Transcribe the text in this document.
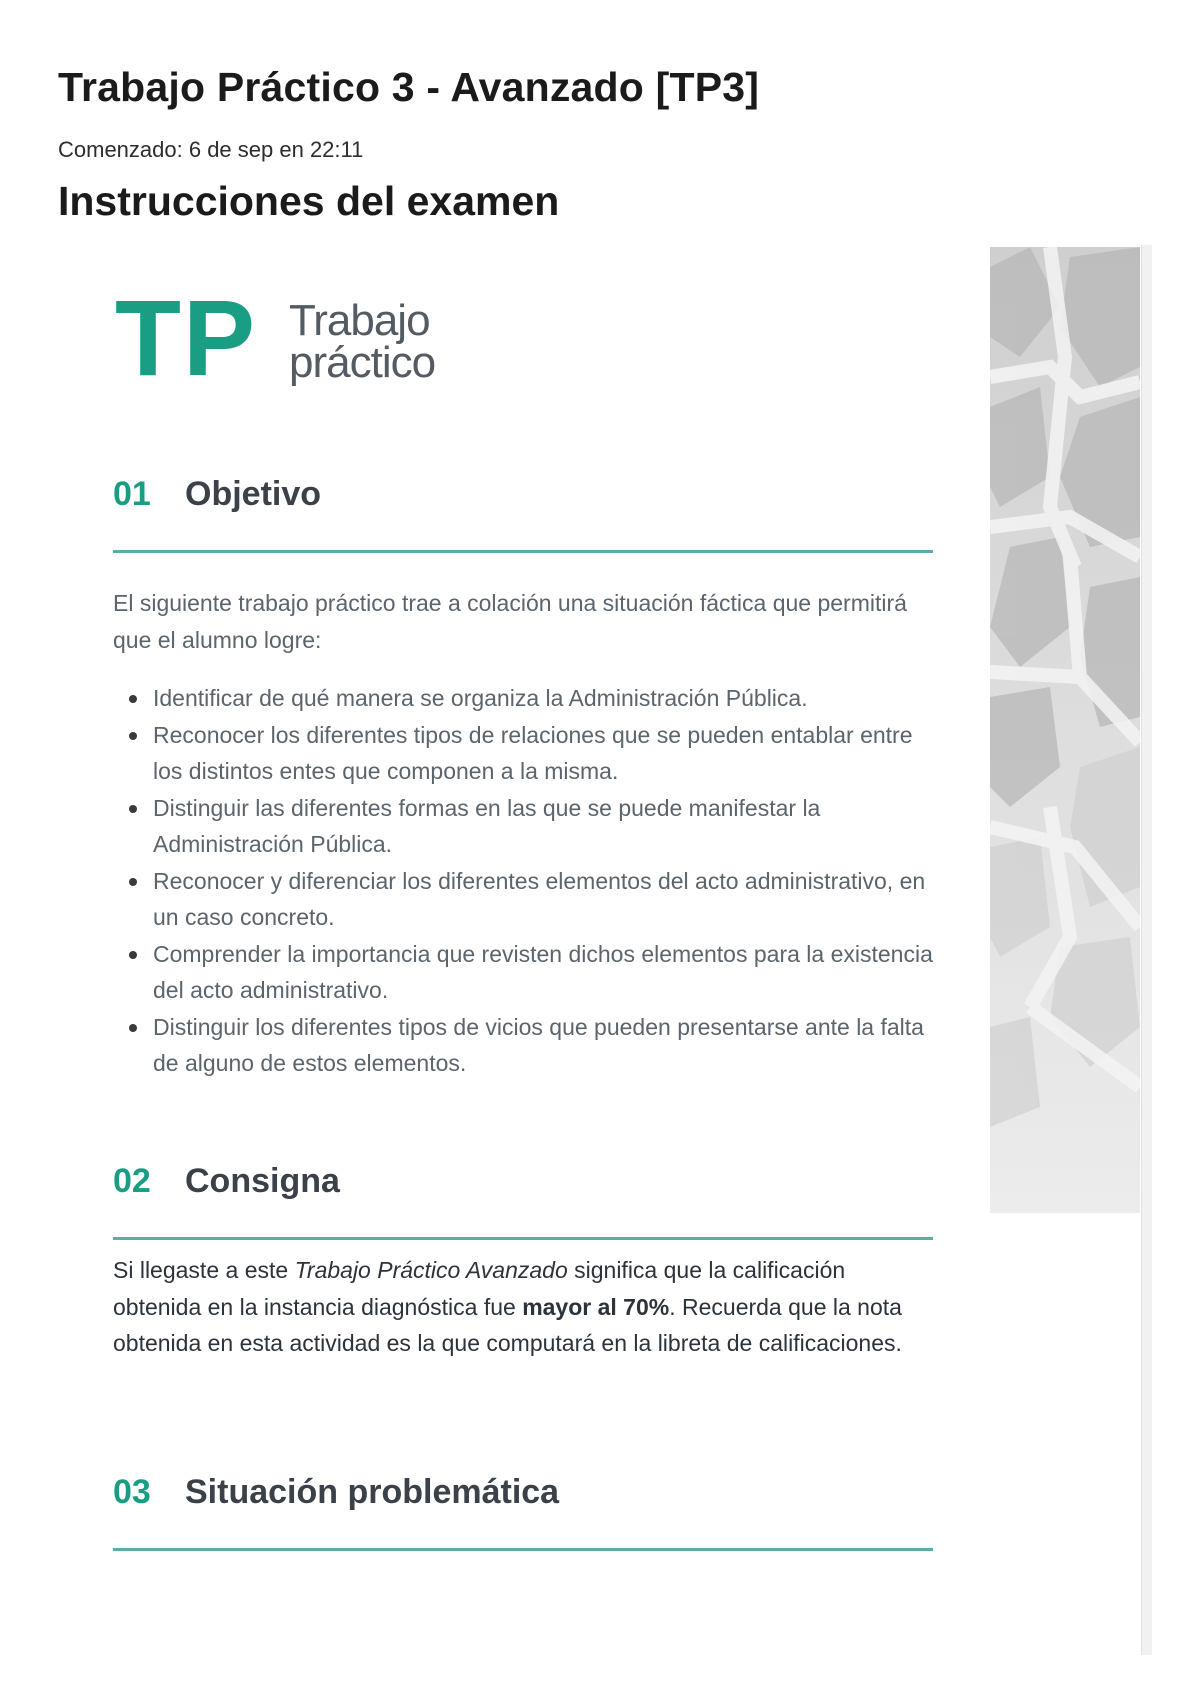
Trabajo Práctico 3 - Avanzado [TP3]
Comenzado: 6 de sep en 22:11
Instrucciones del examen
TP Trabajo
práctico
01 Objetivo
El siguiente trabajo práctico trae a colación una situación fáctica que permitirá que el alumno logre:
Identificar de qué manera se organiza la Administración Pública.
Reconocer los diferentes tipos de relaciones que se pueden entablar entre los distintos entes que componen a la misma.
Distinguir las diferentes formas en las que se puede manifestar la Administración Pública.
Reconocer y diferenciar los diferentes elementos del acto administrativo, en un caso concreto.
Comprender la importancia que revisten dichos elementos para la existencia del acto administrativo.
Distinguir los diferentes tipos de vicios que pueden presentarse ante la falta de alguno de estos elementos.
02 Consigna
Si llegaste a este Trabajo Práctico Avanzado significa que la calificación obtenida en la instancia diagnóstica fue mayor al 70%. Recuerda que la nota obtenida en esta actividad es la que computará en la libreta de calificaciones.
03 Situación problemática
